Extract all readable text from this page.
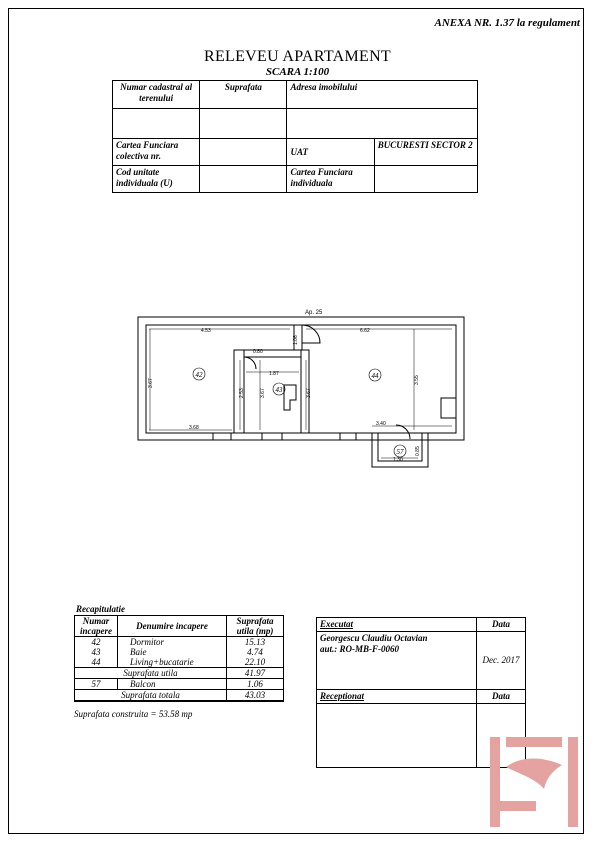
ANEXA NR. 1.37 la regulament
RELEVEU APARTAMENT
SCARA 1:100
Numar cadastral al terenului	Suprafata	Adresa imobilului	

Cartea Funciara colectiva nr.		UAT	BUCURESTI SECTOR 2
Cod unitate individuala (U)		Cartea Funciara individuala	
Ap. 25
4.53	6.62
0.80
1.06
1.87
3.67
2.53	3.67	3.67
3.55
3.68
3.40
1.30
0.85
42
43
44
57
Recapitulatie
Numar incapere	Denumire incapere	Suprafata utila (mp)
42	Dormitor	15.13
43	Baie	4.74
44	Living+bucatarie	22.10
Suprafata utila		41.97
57	Balcon	1.06
Suprafata totala		43.03
Suprafata construita = 53.58 mp
Executat	Data

Georgescu Claudiu Octavian
aut.: RO-MB-F-0060	Dec. 2017
Receptionat	Data
